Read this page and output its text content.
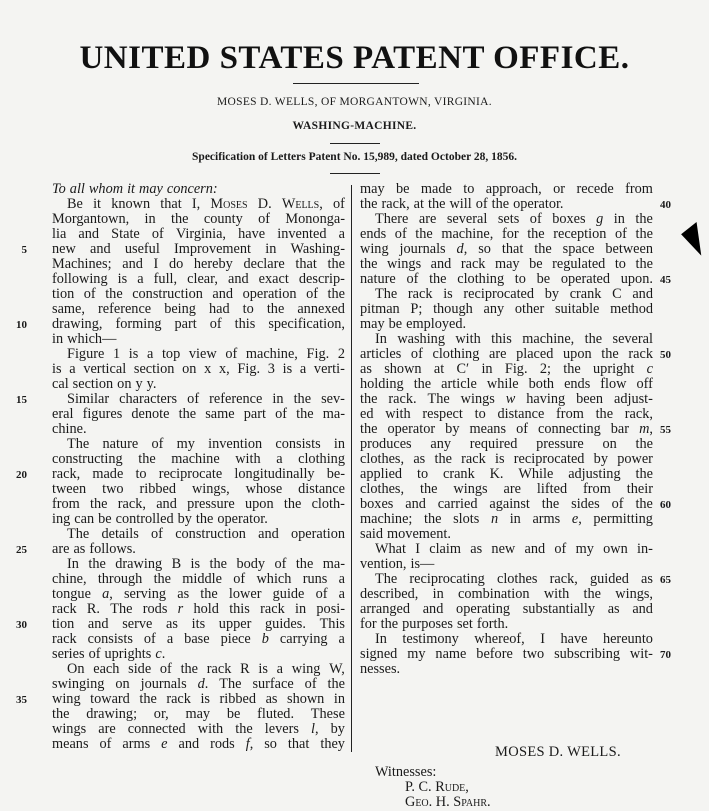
UNITED STATES PATENT OFFICE.
MOSES D. WELLS, OF MORGANTOWN, VIRGINIA.
WASHING-MACHINE.
Specification of Letters Patent No. 15,989, dated October 28, 1856.
To all whom it may concern:
Be it known that I, Moses D. Wells, of
Morgantown, in the county of Mononga-
lia and State of Virginia, have invented a
5 new and useful Improvement in Washing-
Machines; and I do hereby declare that the
following is a full, clear, and exact descrip-
tion of the construction and operation of the
same, reference being had to the annexed
10 drawing, forming part of this specification,
in which—
Figure 1 is a top view of machine, Fig. 2
is a vertical section on x x, Fig. 3 is a verti-
cal section on y y.
15	Similar characters of reference in the sev-
eral figures denote the same part of the ma-
chine.
The nature of my invention consists in
constructing the machine with a clothing
20 rack, made to reciprocate longitudinally be-
tween two ribbed wings, whose distance
from the rack, and pressure upon the cloth-
ing can be controlled by the operator.
The details of construction and operation
25 are as follows.
In the drawing B is the body of the ma-
chine, through the middle of which runs a
tongue a, serving as the lower guide of a
rack R. The rods r hold this rack in posi-
30 tion and serve as its upper guides. This
rack consists of a base piece b carrying a
series of uprights c.
On each side of the rack R is a wing W,
swinging on journals d. The surface of the
35 wing toward the rack is ribbed as shown in
the drawing; or, may be fluted. These
wings are connected with the levers l, by
means of arms e and rods f, so that they
may be made to approach, or recede from
40
the rack, at the will of the operator.
There are several sets of boxes g in the
ends of the machine, for the reception of the
wing journals d, so that the space between
the wings and rack may be regulated to the
45
nature of the clothing to be operated upon.
The rack is reciprocated by crank C and
pitman P; though any other suitable method
may be employed.
In washing with this machine, the several
50
articles of clothing are placed upon the rack
as shown at C′ in Fig. 2; the upright c
holding the article while both ends flow off
the rack. The wings w having been adjust-
ed with respect to distance from the rack,
55
the operator by means of connecting bar m,
produces any required pressure on the
clothes, as the rack is reciprocated by power
applied to crank K. While adjusting the
clothes, the wings are lifted from their
60
boxes and carried against the sides of the
machine; the slots n in arms e, permitting
said movement.
What I claim as new and of my own in-
vention, is—
65
The reciprocating clothes rack, guided as
described, in combination with the wings,
arranged and operating substantially as and
for the purposes set forth.
In testimony whereof, I have hereunto
70
signed my name before two subscribing wit-
nesses.
MOSES D. WELLS.
Witnesses:
P. C. Rude,
Geo. H. Spahr.
